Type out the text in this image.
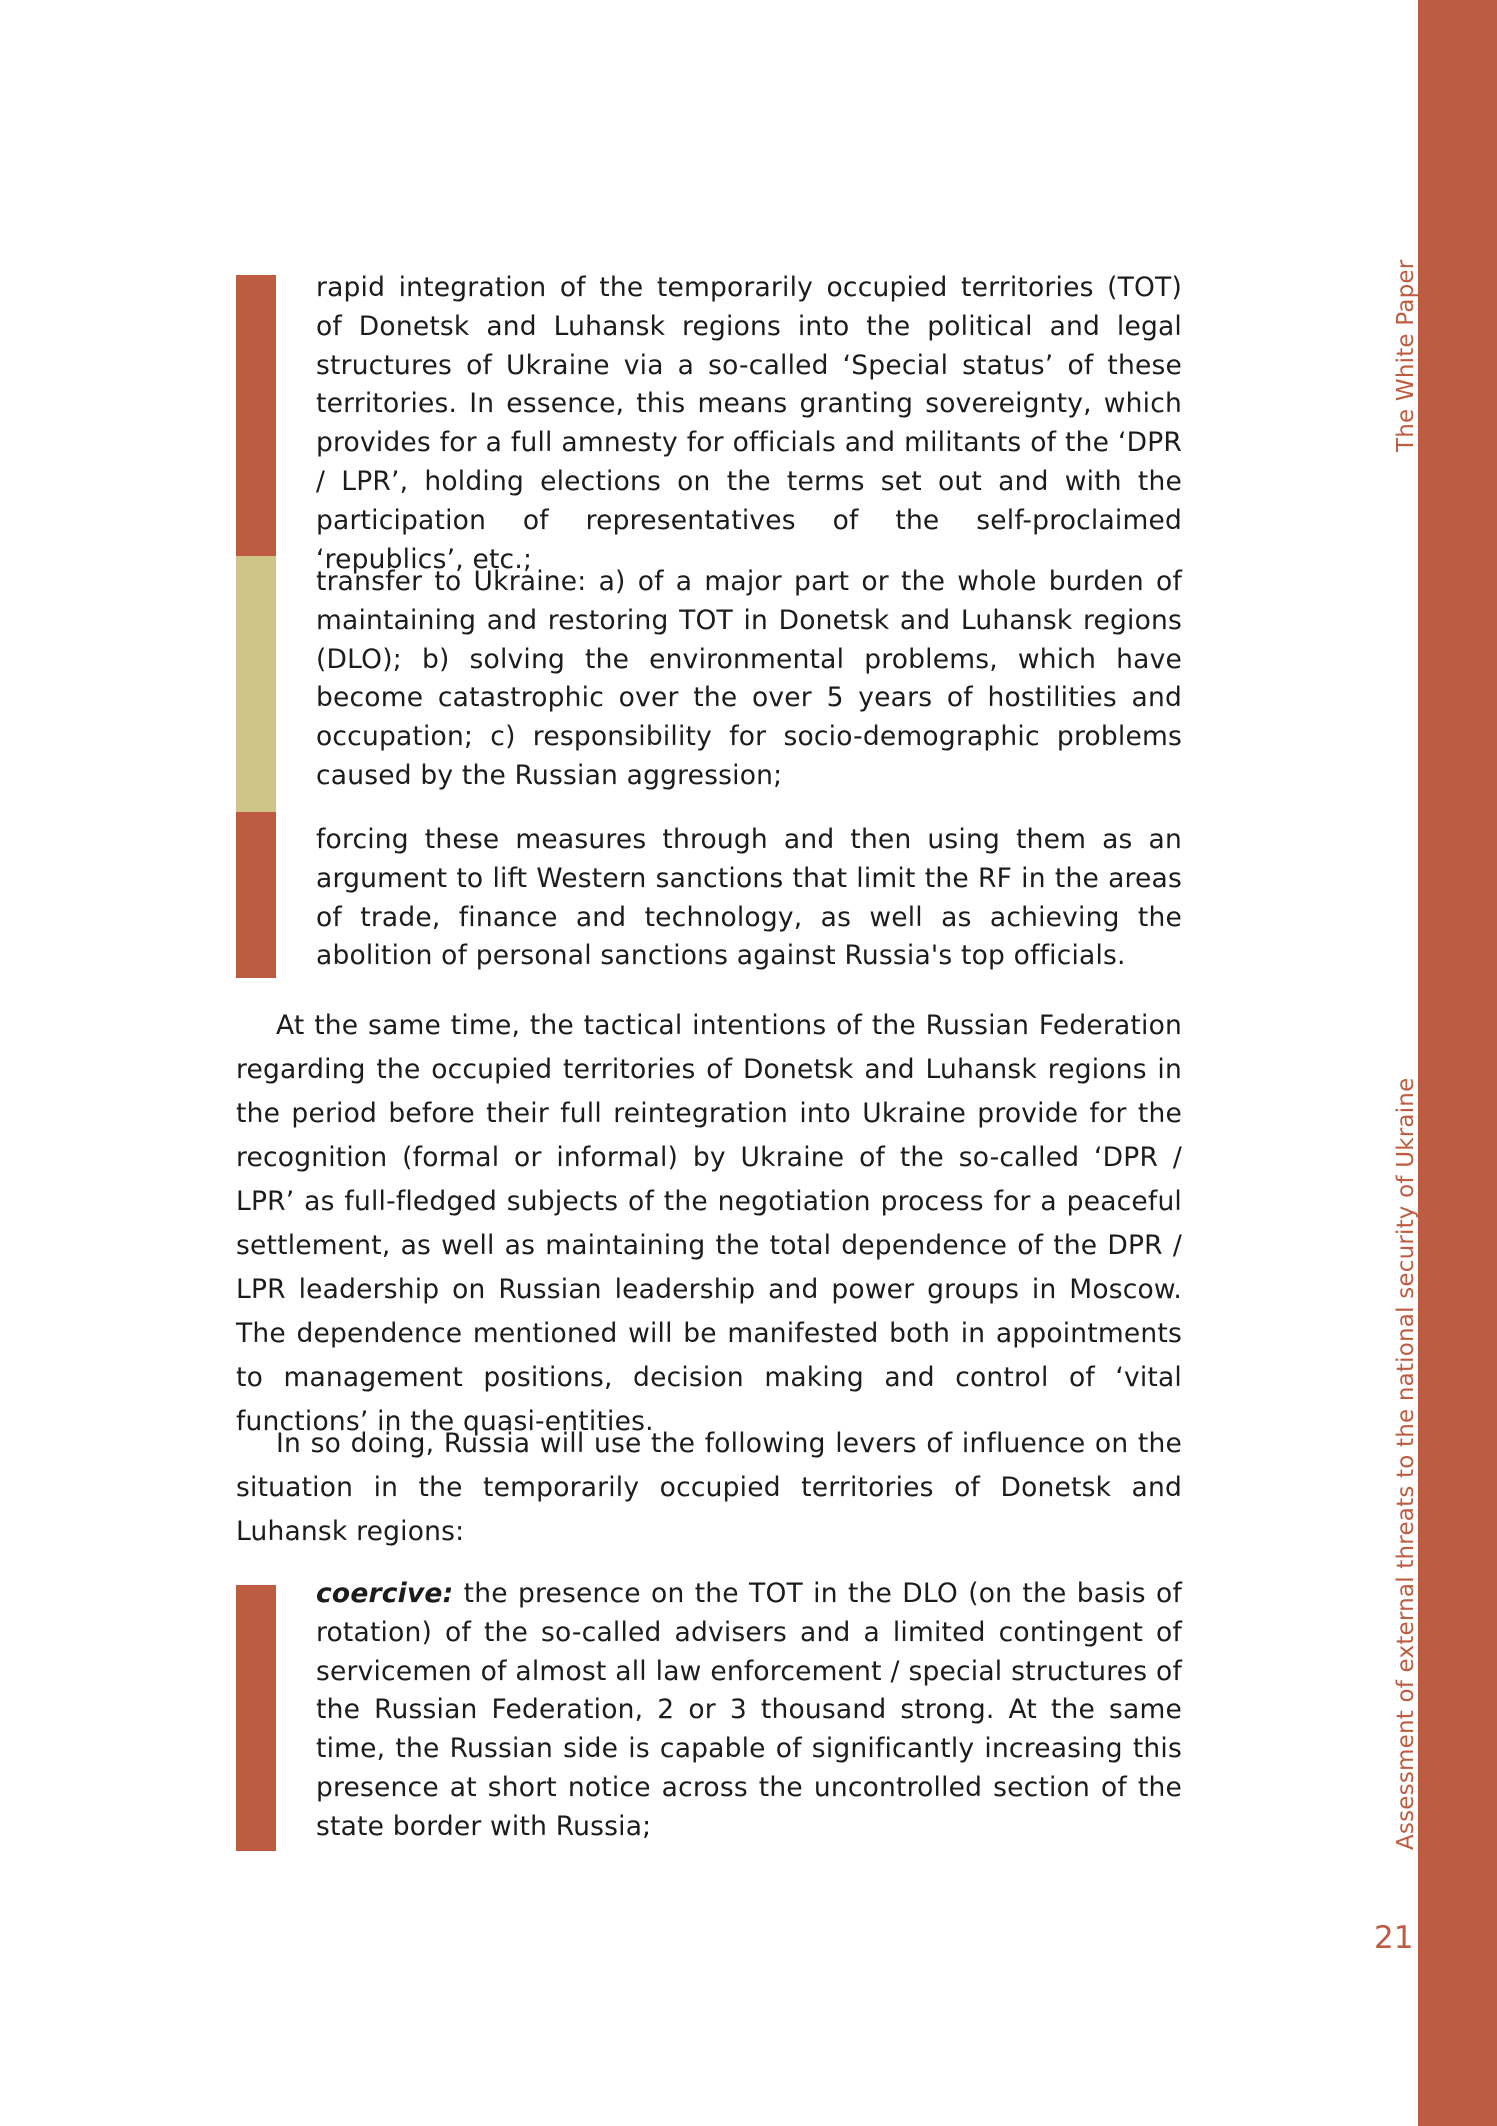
The White Paper
Assessment of external threats to the national security of Ukraine
21

rapid integration of the temporarily occupied territories (TOT) of Donetsk and Luhansk regions into the political and legal structures of Ukraine via a so-called ‘Special status’ of these territories. In essence, this means granting sovereignty, which provides for a full amnesty for officials and militants of the ‘DPR / LPR’, holding elections on the terms set out and with the participation of representatives of the self-proclaimed ‘republics’, etc.;

transfer to Ukraine: a) of a major part or the whole burden of maintaining and restoring TOT in Donetsk and Luhansk regions (DLO); b) solving the environmental problems, which have become catastrophic over the over 5 years of hostilities and occupation; c) responsibility for socio-demographic problems caused by the Russian aggression;

forcing these measures through and then using them as an argument to lift Western sanctions that limit the RF in the areas of trade, finance and technology, as well as achieving the abolition of personal sanctions against Russia's top officials.

At the same time, the tactical intentions of the Russian Federation regarding the occupied territories of Donetsk and Luhansk regions in the period before their full reintegration into Ukraine provide for the recognition (formal or informal) by Ukraine of the so-called ‘DPR / LPR’ as full-fledged subjects of the negotiation process for a peaceful settlement, as well as maintaining the total dependence of the DPR / LPR leadership on Russian leadership and power groups in Moscow. The dependence mentioned will be manifested both in appointments to management positions, decision making and control of ‘vital functions’ in the quasi-entities.

In so doing, Russia will use the following levers of influence on the situation in the temporarily occupied territories of Donetsk and Luhansk regions:

coercive: the presence on the TOT in the DLO (on the basis of rotation) of the so-called advisers and a limited contingent of servicemen of almost all law enforcement / special structures of the Russian Federation, 2 or 3 thousand strong. At the same time, the Russian side is capable of significantly increasing this presence at short notice across the uncontrolled section of the state border with Russia;
